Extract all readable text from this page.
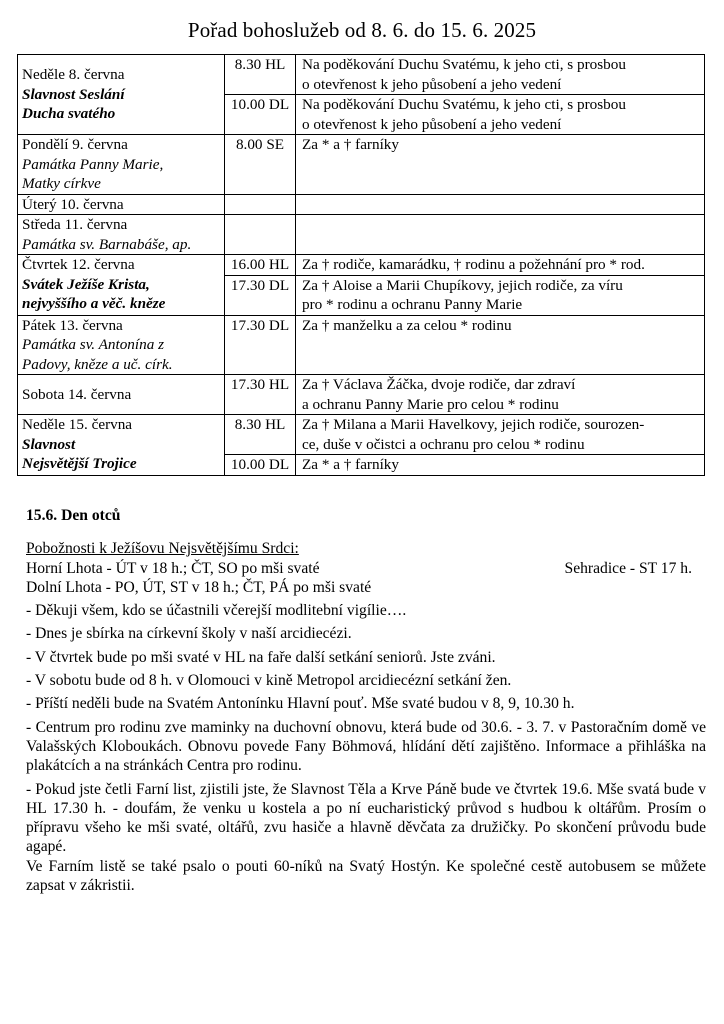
Pořad bohoslužeb od 8. 6. do 15. 6. 2025
Neděle 8. června
Slavnost Seslání
Ducha svatého	8.30 HL	Na poděkování Duchu Svatému, k jeho cti, s prosbou
o otevřenost k jeho působení a jeho vedení

	10.00 DL	Na poděkování Duchu Svatému, k jeho cti, s prosbou
o otevřenost k jeho působení a jeho vedení

Pondělí 9. června
Památka Panny Marie,
Matky církve	8.00 SE	Za * a † farníky

Úterý 10. června		

Středa 11. června
Památka sv. Barnabáše, ap.		

Čtvrtek 12. června
Svátek Ježíše Krista,
nejvyššího a věč. kněze	16.00 HL	Za † rodiče, kamarádku, † rodinu a požehnání pro * rod.
	17.30 DL	Za † Aloise a Marii Chupíkovy, jejich rodiče, za víru
pro * rodinu a ochranu Panny Marie

Pátek 13. června
Památka sv. Antonína z
Padovy, kněze a uč. círk.	17.30 DL	Za † manželku a za celou * rodinu

Sobota 14. června	17.30 HL	Za † Václava Žáčka, dvoje rodiče, dar zdraví
a ochranu Panny Marie pro celou * rodinu

Neděle 15. června
Slavnost
Nejsvětější Trojice	8.30 HL	Za † Milana a Marii Havelkovy, jejich rodiče, sourozen-
ce, duše v očistci a ochranu pro celou * rodinu

	10.00 DL	Za * a † farníky

15.6. Den otců

Pobožnosti k Ježíšovu Nejsvětějšímu Srdci:

Horní Lhota - ÚT v 18 h.; ČT, SO po mši svaté	Sehradice - ST 17 h.

Dolní Lhota - PO, ÚT, ST v 18 h.; ČT, PÁ po mši svaté

- Děkuji všem, kdo se účastnili včerejší modlitební vigílie….

- Dnes je sbírka na církevní školy v naší arcidiecézi.

- V čtvrtek bude po mši svaté v HL na faře další setkání seniorů. Jste zváni.

- V sobotu bude od 8 h. v Olomouci v kině Metropol arcidiecézní setkání žen.

- Příští neděli bude na Svatém Antonínku Hlavní pouť. Mše svaté budou v 8, 9, 10.30 h.

- Centrum pro rodinu zve maminky na duchovní obnovu, která bude od 30.6. - 3. 7. v Pastoračním domě ve Valašských Kloboukách. Obnovu povede Fany Böhmová, hlídání dětí zajištěno. Informace a přihláška na plakátcích a na stránkách Centra pro rodinu.

- Pokud jste četli Farní list, zjistili jste, že Slavnost Těla a Krve Páně bude ve čtvrtek 19.6. Mše svatá bude v HL 17.30 h. - doufám, že venku u kostela a po ní eucharistický průvod s hudbou k oltářům. Prosím o přípravu všeho ke mši svaté, oltářů, zvu hasiče a hlavně děvčata za družičky. Po skončení průvodu bude agapé.

Ve Farním listě se také psalo o pouti 60-níků na Svatý Hostýn. Ke společné cestě autobusem se můžete zapsat v zákristii.
